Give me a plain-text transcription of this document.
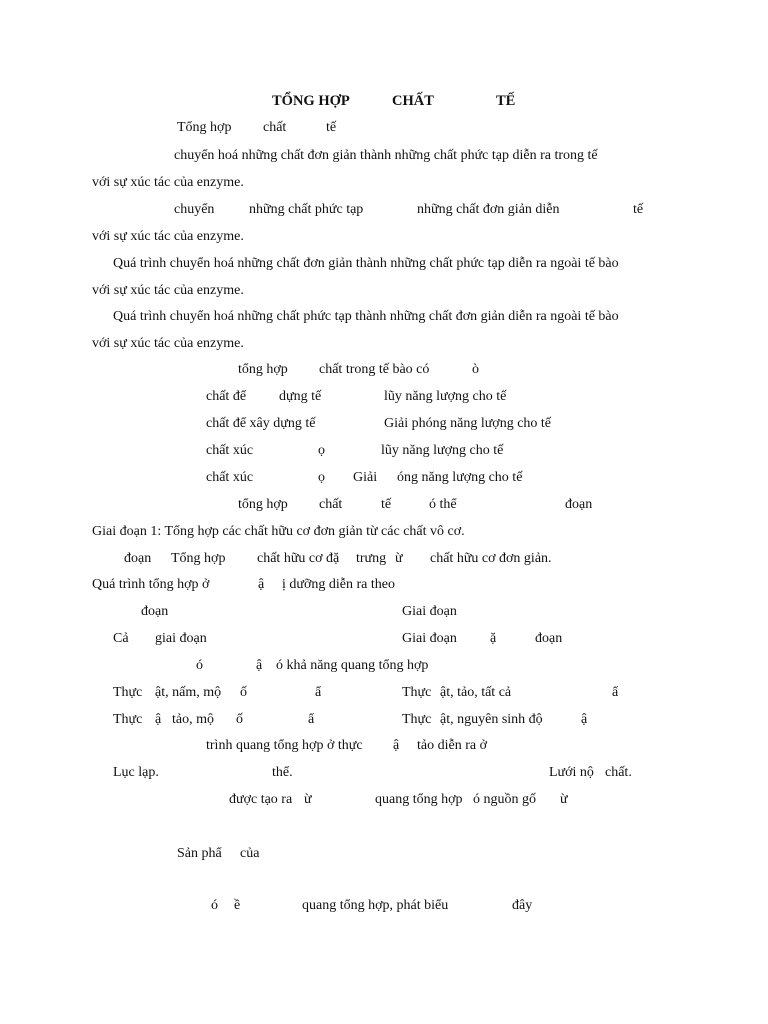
TỔNG HỢP	CHẤT	TẾ
Tổng hợp chất	tế
chuyển hoá những chất đơn giản thành những chất phức tạp diễn ra trong tế
với sự xúc tác của enzyme.
chuyển những chất phức tạp	những chất đơn giản diễn	tế
với sự xúc tác của enzyme.
Quá trình chuyển hoá những chất đơn giản thành những chất phức tạp diễn ra ngoài tế bào
với sự xúc tác của enzyme.
Quá trình chuyển hoá những chất phức tạp thành những chất đơn giản diễn ra ngoài tế bào
với sự xúc tác của enzyme.
tổng hợp chất trong tế bào có	ò
chất để dựng tế	lũy năng lượng cho tế
chất để xây dựng tế	Giải phóng năng lượng cho tế
chất xúc	ọ	lũy năng lượng cho tế
chất xúc	ọ Giải óng năng lượng cho tế
tổng hợp chất	tế	ó thể	đoạn
Giai đoạn 1: Tổng hợp các chất hữu cơ đơn giản từ các chất vô cơ.
đoạn Tổng hợp chất hữu cơ đặ trưng ừ chất hữu cơ đơn giản.
Quá trình tổng hợp ở	ậ ị dưỡng diễn ra theo
đoạn	Giai đoạn
Cả giai đoạn	Giai đoạn ặ	đoạn
ó	ậ ó khả năng quang tổng hợp
Thực ật, nấm, mộ ố	ẩ	Thực ật, tảo, tất cả	ẩ
Thực ậ tảo, mộ ố	ẩ	Thực ật, nguyên sinh độ	ậ
trình quang tổng hợp ở thực ậ tảo diễn ra ở
Lục lạp.	thể.	Lưới nộ chất.
được tạo ra ừ	quang tổng hợp ó nguồn gố ừ
Sản phẩ của
ó ề	quang tổng hợp, phát biểu	đây
